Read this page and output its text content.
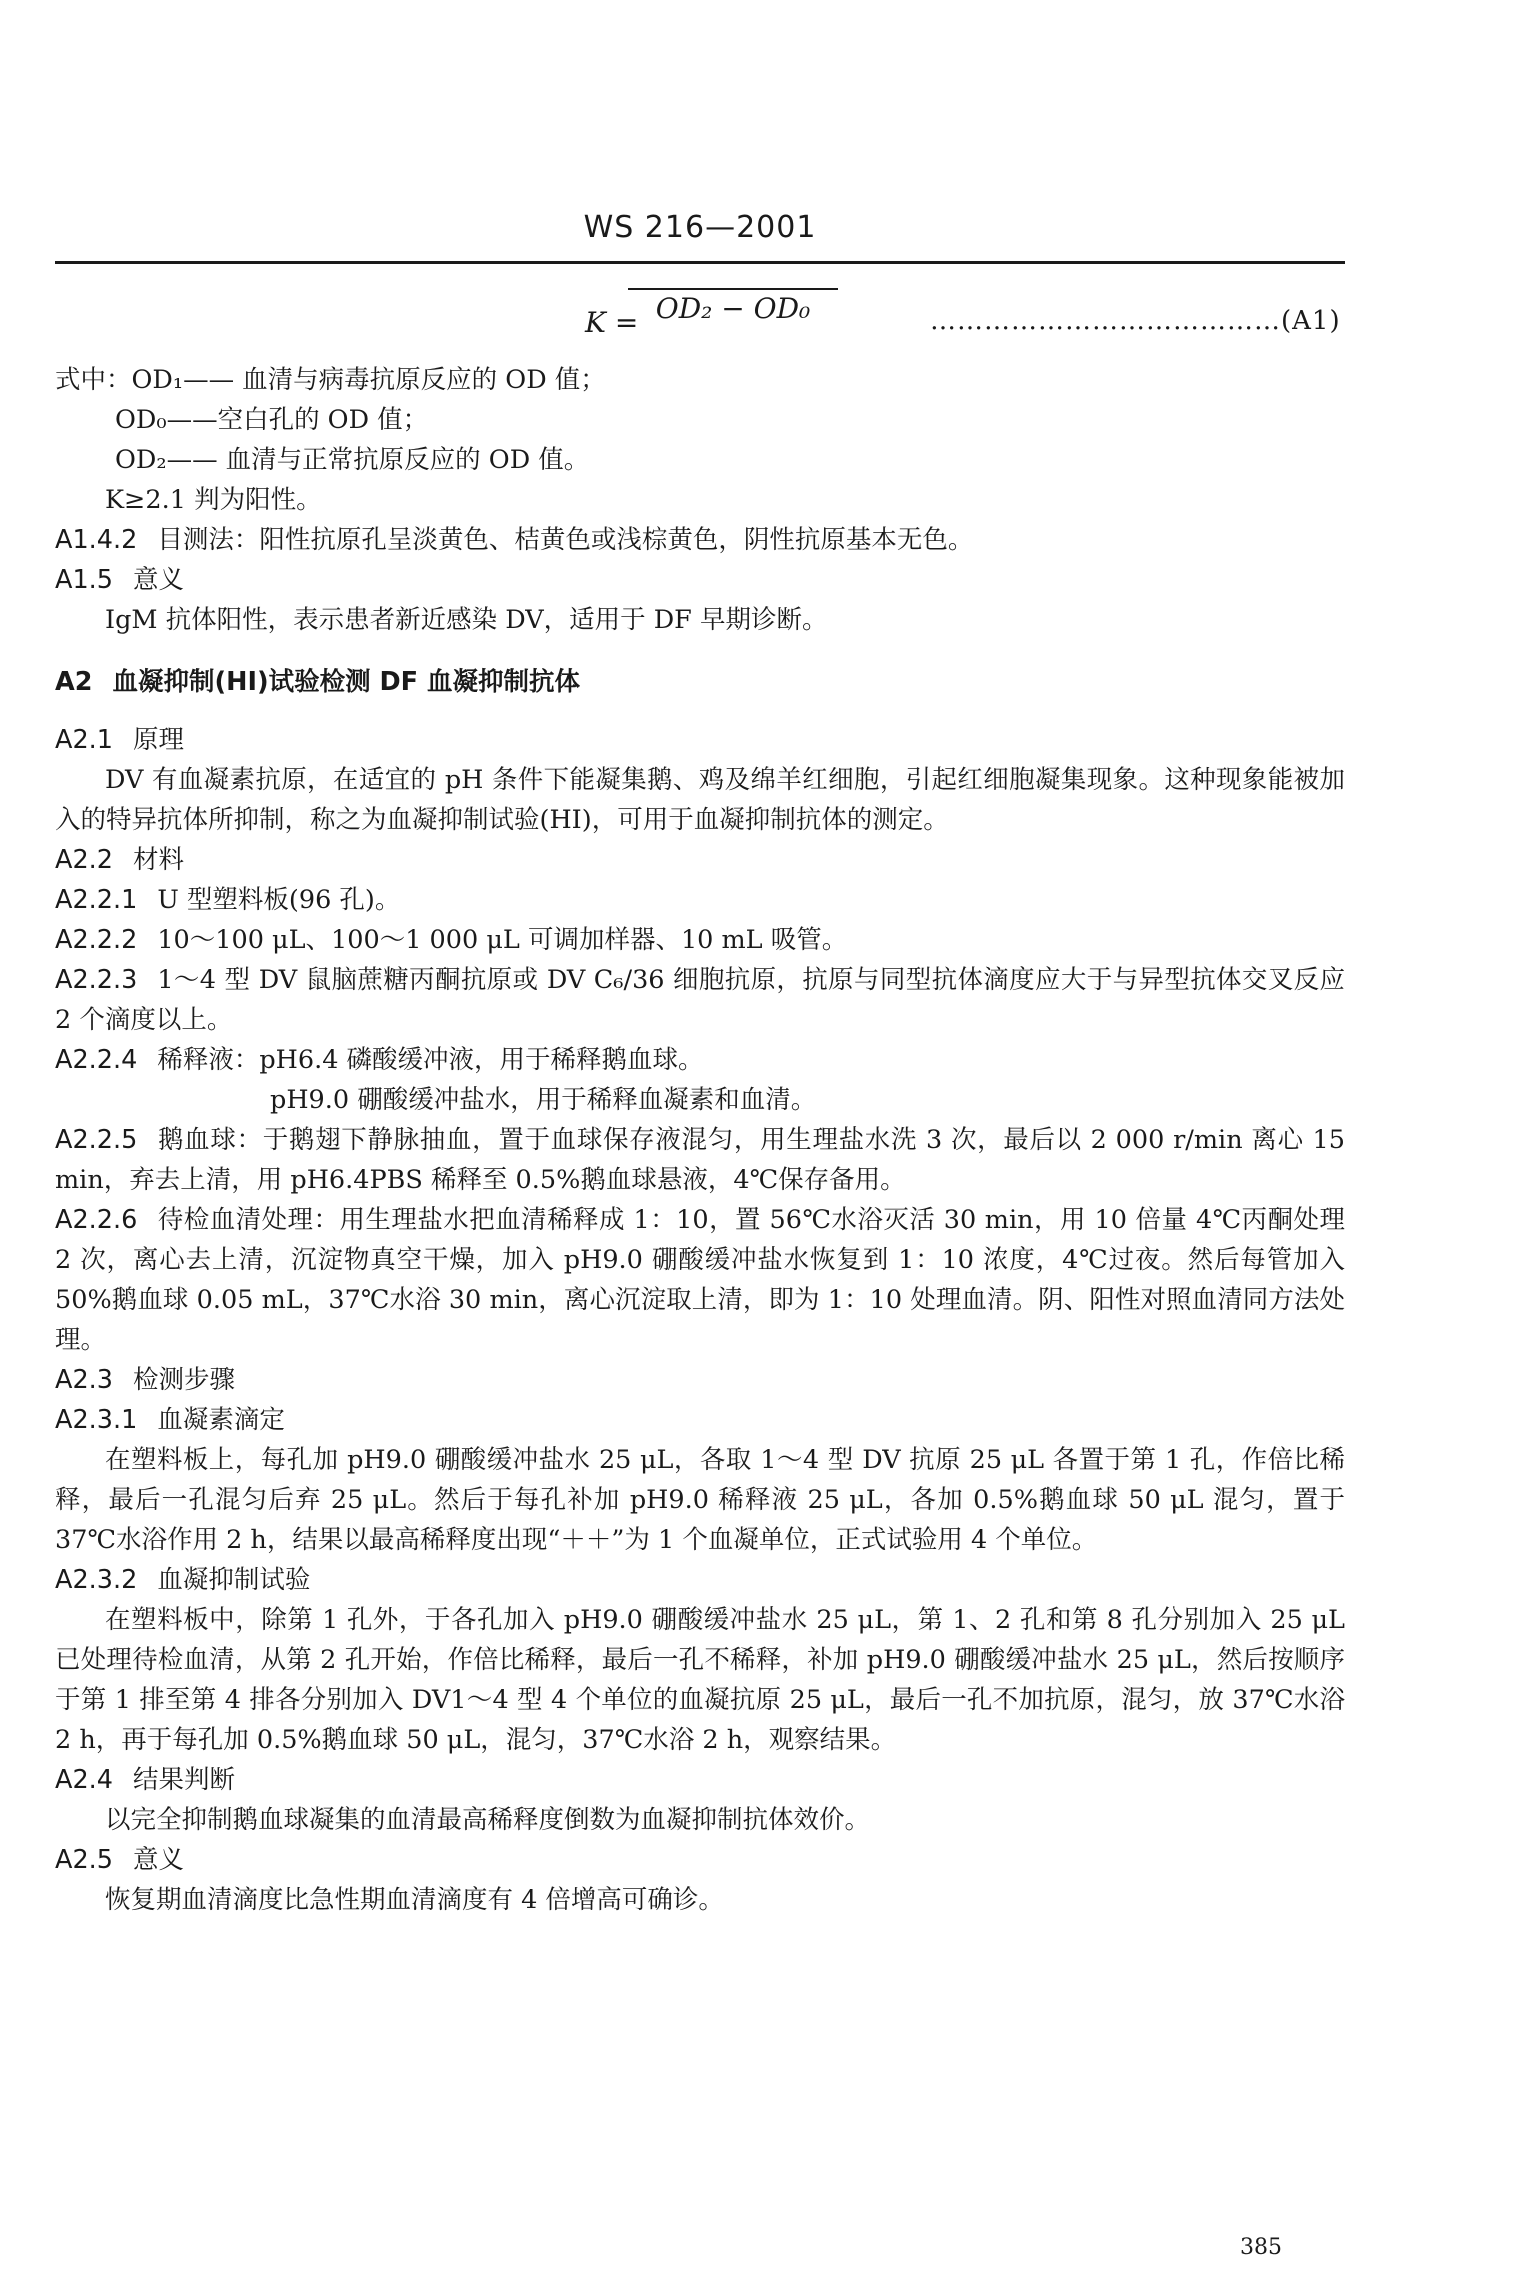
WS 216—2001
K = OD₂ − OD₀	…………………………………(A1)

式中：OD₁—— 血清与病毒抗原反应的 OD 值；

OD₀——空白孔的 OD 值；

OD₂—— 血清与正常抗原反应的 OD 值。

K≥2.1 判为阳性。

A1.4.2 目测法：阳性抗原孔呈淡黄色、桔黄色或浅棕黄色，阴性抗原基本无色。

A1.5 意义

IgM 抗体阳性，表示患者新近感染 DV，适用于 DF 早期诊断。

A2 血凝抑制(HI)试验检测 DF 血凝抑制抗体

A2.1 原理

DV 有血凝素抗原，在适宜的 pH 条件下能凝集鹅、鸡及绵羊红细胞，引起红细胞凝集现象。这种现象能被加入的特异抗体所抑制，称之为血凝抑制试验(HI)，可用于血凝抑制抗体的测定。

A2.2 材料

A2.2.1 U 型塑料板(96 孔)。

A2.2.2 10～100 μL、100～1 000 μL 可调加样器、10 mL 吸管。

A2.2.3 1～4 型 DV 鼠脑蔗糖丙酮抗原或 DV C₆/36 细胞抗原，抗原与同型抗体滴度应大于与异型抗体交叉反应 2 个滴度以上。

A2.2.4 稀释液：pH6.4 磷酸缓冲液，用于稀释鹅血球。

pH9.0 硼酸缓冲盐水，用于稀释血凝素和血清。

A2.2.5 鹅血球：于鹅翅下静脉抽血，置于血球保存液混匀，用生理盐水洗 3 次，最后以 2 000 r/min 离心 15 min，弃去上清，用 pH6.4PBS 稀释至 0.5%鹅血球悬液，4℃保存备用。

A2.2.6 待检血清处理：用生理盐水把血清稀释成 1：10，置 56℃水浴灭活 30 min，用 10 倍量 4℃丙酮处理 2 次，离心去上清，沉淀物真空干燥，加入 pH9.0 硼酸缓冲盐水恢复到 1：10 浓度，4℃过夜。然后每管加入 50%鹅血球 0.05 mL，37℃水浴 30 min，离心沉淀取上清，即为 1：10 处理血清。阴、阳性对照血清同方法处理。

A2.3 检测步骤

A2.3.1 血凝素滴定

在塑料板上，每孔加 pH9.0 硼酸缓冲盐水 25 μL，各取 1～4 型 DV 抗原 25 μL 各置于第 1 孔，作倍比稀释，最后一孔混匀后弃 25 μL。然后于每孔补加 pH9.0 稀释液 25 μL，各加 0.5%鹅血球 50 μL 混匀，置于 37℃水浴作用 2 h，结果以最高稀释度出现“＋＋”为 1 个血凝单位，正式试验用 4 个单位。

A2.3.2 血凝抑制试验

在塑料板中，除第 1 孔外，于各孔加入 pH9.0 硼酸缓冲盐水 25 μL，第 1、2 孔和第 8 孔分别加入 25 μL 已处理待检血清，从第 2 孔开始，作倍比稀释，最后一孔不稀释，补加 pH9.0 硼酸缓冲盐水 25 μL，然后按顺序于第 1 排至第 4 排各分别加入 DV1～4 型 4 个单位的血凝抗原 25 μL，最后一孔不加抗原，混匀，放 37℃水浴 2 h，再于每孔加 0.5%鹅血球 50 μL，混匀，37℃水浴 2 h，观察结果。

A2.4 结果判断

以完全抑制鹅血球凝集的血清最高稀释度倒数为血凝抑制抗体效价。

A2.5 意义

恢复期血清滴度比急性期血清滴度有 4 倍增高可确诊。

385
